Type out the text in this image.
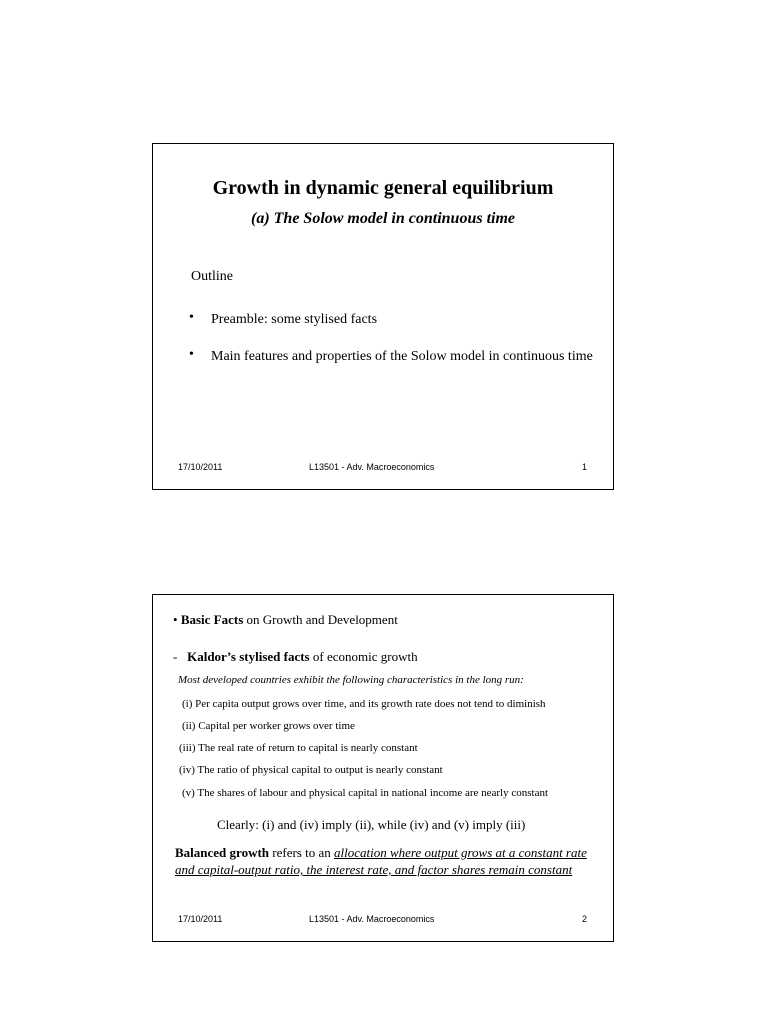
Growth in dynamic general equilibrium
(a) The Solow model in continuous time
Outline
•	Preamble: some stylised facts
•	Main features and properties of the Solow model in continuous time
17/10/2011	L13501 - Adv. Macroeconomics	1
• Basic Facts on Growth and Development
- Kaldor’s stylised facts of economic growth
Most developed countries exhibit the following characteristics in the long run:
(i) Per capita output grows over time, and its growth rate does not tend to diminish
(ii) Capital per worker grows over time
(iii) The real rate of return to capital is nearly constant
(iv) The ratio of physical capital to output is nearly constant
(v) The shares of labour and physical capital in national income are nearly constant
Clearly: (i) and (iv) imply (ii), while (iv) and (v) imply (iii)
Balanced growth refers to an allocation where output grows at a constant rate
and capital-output ratio, the interest rate, and factor shares remain constant
17/10/2011	L13501 - Adv. Macroeconomics	2
